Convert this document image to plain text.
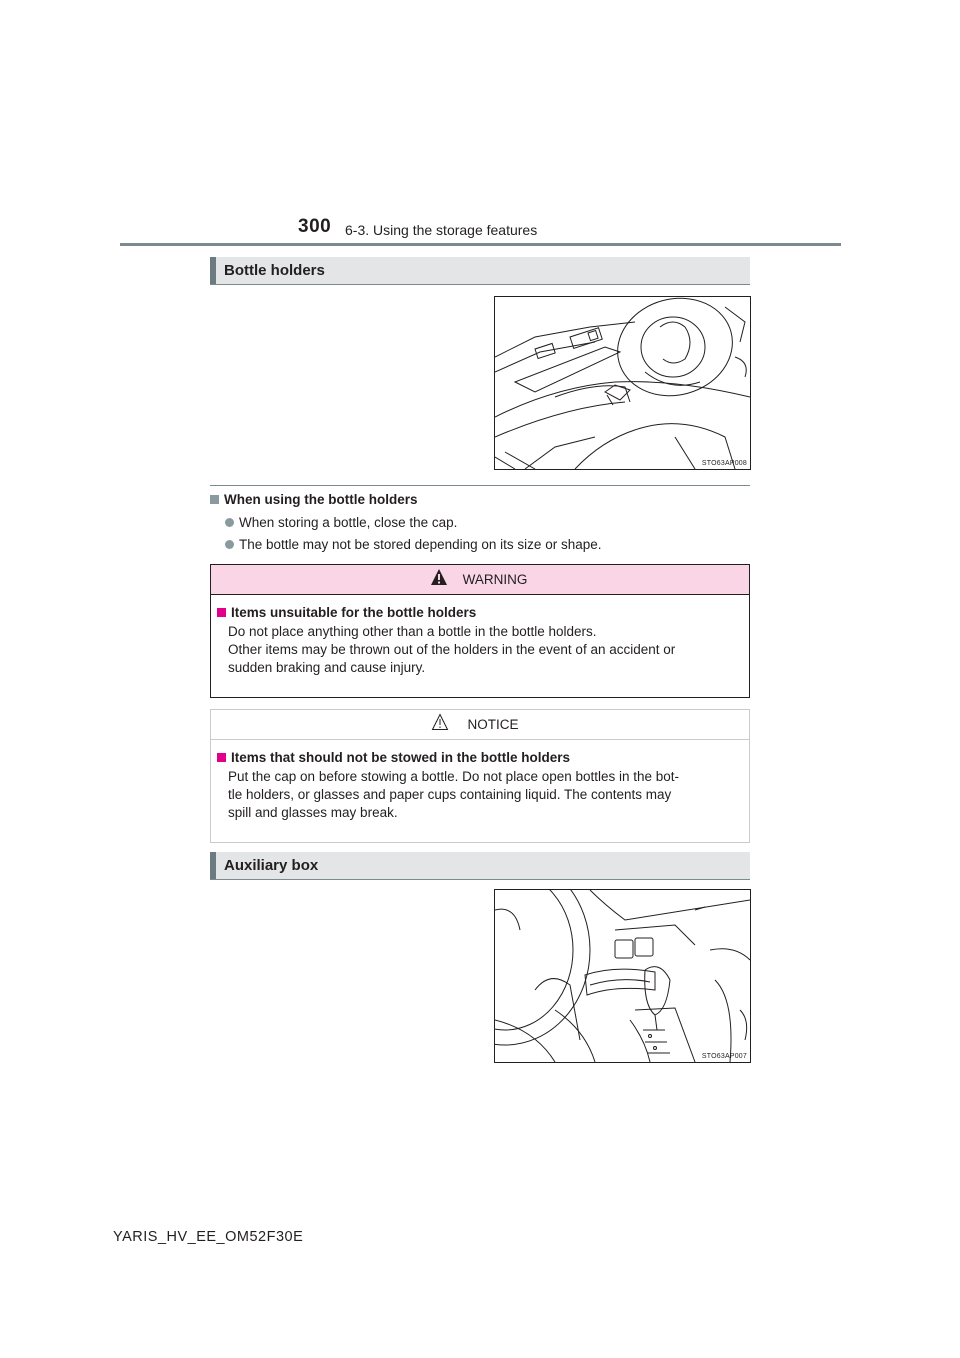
300 6-3. Using the storage features
Bottle holders
STO63AP008
When using the bottle holders
When storing a bottle, close the cap.
The bottle may not be stored depending on its size or shape.
WARNING
Items unsuitable for the bottle holders
Do not place anything other than a bottle in the bottle holders.
Other items may be thrown out of the holders in the event of an accident or
sudden braking and cause injury.
NOTICE
Items that should not be stowed in the bottle holders
Put the cap on before stowing a bottle. Do not place open bottles in the bot-
tle holders, or glasses and paper cups containing liquid. The contents may
spill and glasses may break.
Auxiliary box
STO63AP007
YARIS_HV_EE_OM52F30E
